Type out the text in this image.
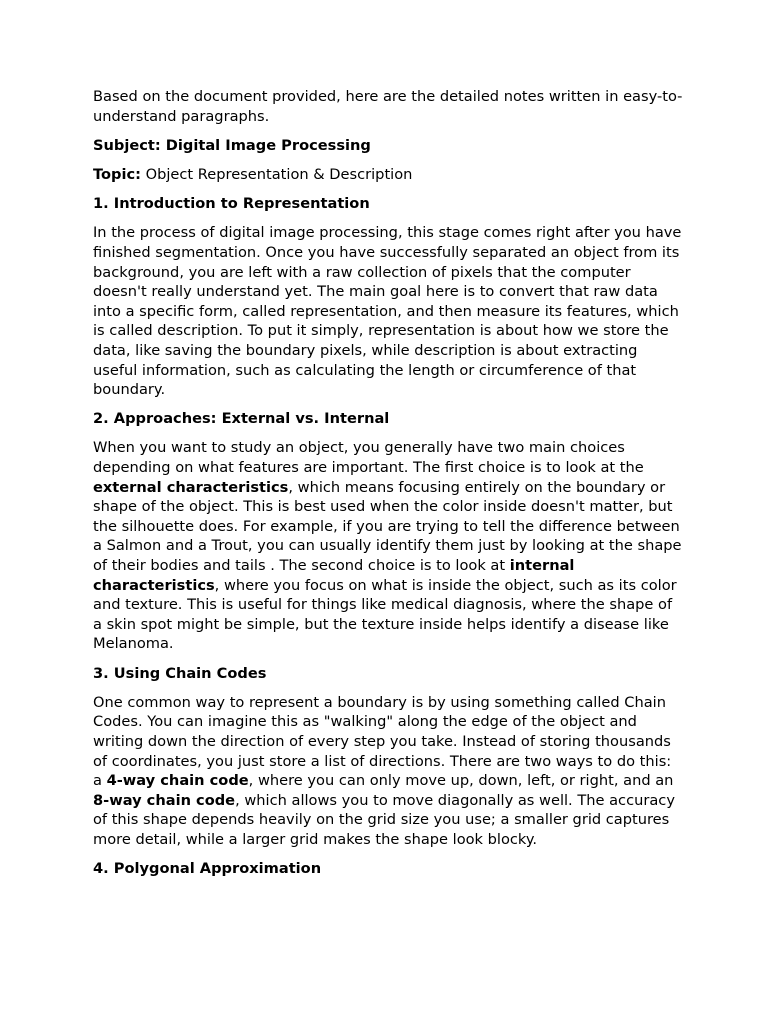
Based on the document provided, here are the detailed notes written in easy-to-understand paragraphs.

Subject: Digital Image Processing

Topic: Object Representation & Description

1. Introduction to Representation

In the process of digital image processing, this stage comes right after you have finished segmentation. Once you have successfully separated an object from its background, you are left with a raw collection of pixels that the computer doesn't really understand yet. The main goal here is to convert that raw data into a specific form, called representation, and then measure its features, which is called description. To put it simply, representation is about how we store the data, like saving the boundary pixels, while description is about extracting useful information, such as calculating the length or circumference of that boundary.

2. Approaches: External vs. Internal

When you want to study an object, you generally have two main choices depending on what features are important. The first choice is to look at the external characteristics, which means focusing entirely on the boundary or shape of the object. This is best used when the color inside doesn't matter, but the silhouette does. For example, if you are trying to tell the difference between a Salmon and a Trout, you can usually identify them just by looking at the shape of their bodies and tails . The second choice is to look at internal characteristics, where you focus on what is inside the object, such as its color and texture. This is useful for things like medical diagnosis, where the shape of a skin spot might be simple, but the texture inside helps identify a disease like Melanoma.

3. Using Chain Codes

One common way to represent a boundary is by using something called Chain Codes. You can imagine this as "walking" along the edge of the object and writing down the direction of every step you take. Instead of storing thousands of coordinates, you just store a list of directions. There are two ways to do this: a 4-way chain code, where you can only move up, down, left, or right, and an 8-way chain code, which allows you to move diagonally as well. The accuracy of this shape depends heavily on the grid size you use; a smaller grid captures more detail, while a larger grid makes the shape look blocky.

4. Polygonal Approximation
